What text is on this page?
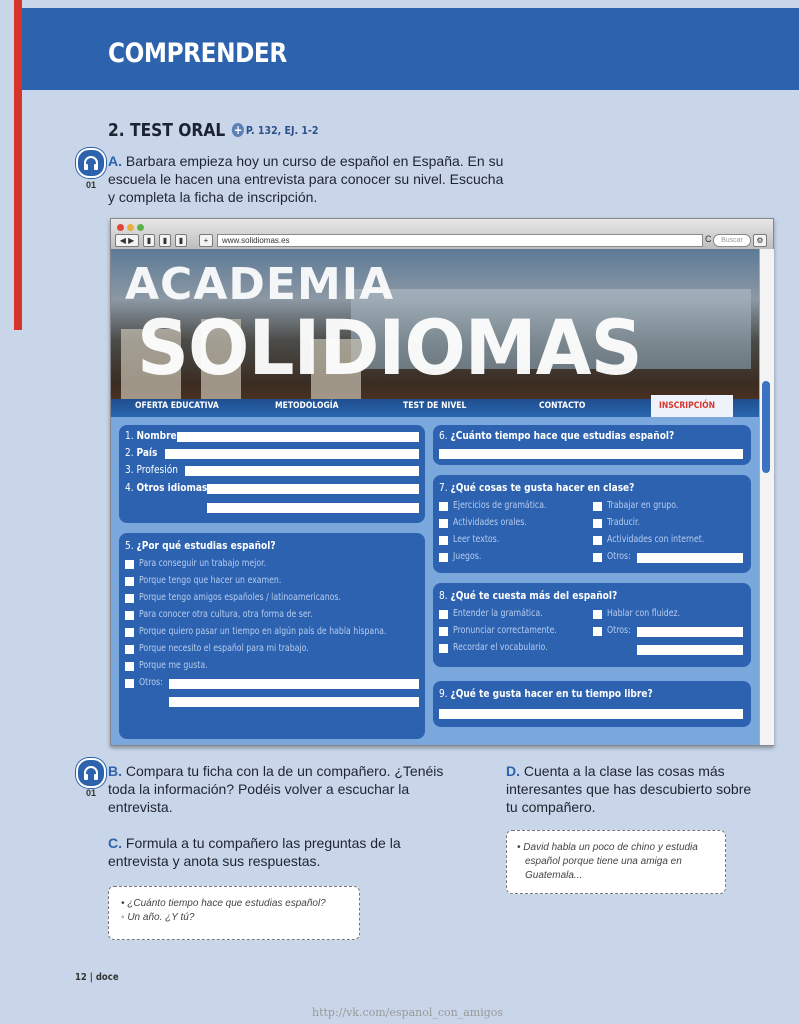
COMPRENDER
2. TEST ORAL + P. 132, EJ. 1-2
01
A. Barbara empieza hoy un curso de español en España. En su
escuela le hacen una entrevista para conocer su nivel. Escucha
y completa la ficha de inscripción.
◀ ▶	▮	▮	▮	+	www.solidiomas.es	C	Buscar	⚙
ACADEMIA
SOLIDIOMAS
OFERTA EDUCATIVA	METODOLOGÍA	TEST DE NIVEL	CONTACTO	INSCRIPCIÓN
1. Nombre
2. País
3. Profesión
4. Otros idiomas
5. ¿Por qué estudias español?
Para conseguir un trabajo mejor.
Porque tengo que hacer un examen.
Porque tengo amigos españoles / latinoamericanos.
Para conocer otra cultura, otra forma de ser.
Porque quiero pasar un tiempo en algún país de habla hispana.
Porque necesito el español para mi trabajo.
Porque me gusta.
Otros:
6. ¿Cuánto tiempo hace que estudias español?
7. ¿Qué cosas te gusta hacer en clase?
Ejercicios de gramática.	Trabajar en grupo.
Actividades orales.	Traducir.
Leer textos.	Actividades con internet.
Juegos.	Otros:
8. ¿Qué te cuesta más del español?
Entender la gramática.	Hablar con fluidez.
Pronunciar correctamente.	Otros:
Recordar el vocabulario.
9. ¿Qué te gusta hacer en tu tiempo libre?
01
B. Compara tu ficha con la de un compañero. ¿Tenéis
toda la información? Podéis volver a escuchar la
entrevista.
C. Formula a tu compañero las preguntas de la
entrevista y anota sus respuestas.
• ¿Cuánto tiempo hace que estudias español?
◦ Un año. ¿Y tú?
D. Cuenta a la clase las cosas más
interesantes que has descubierto sobre
tu compañero.
• David habla un poco de chino y estudia
español porque tiene una amiga en
Guatemala...
12 | doce
http://vk.com/espanol_con_amigos
